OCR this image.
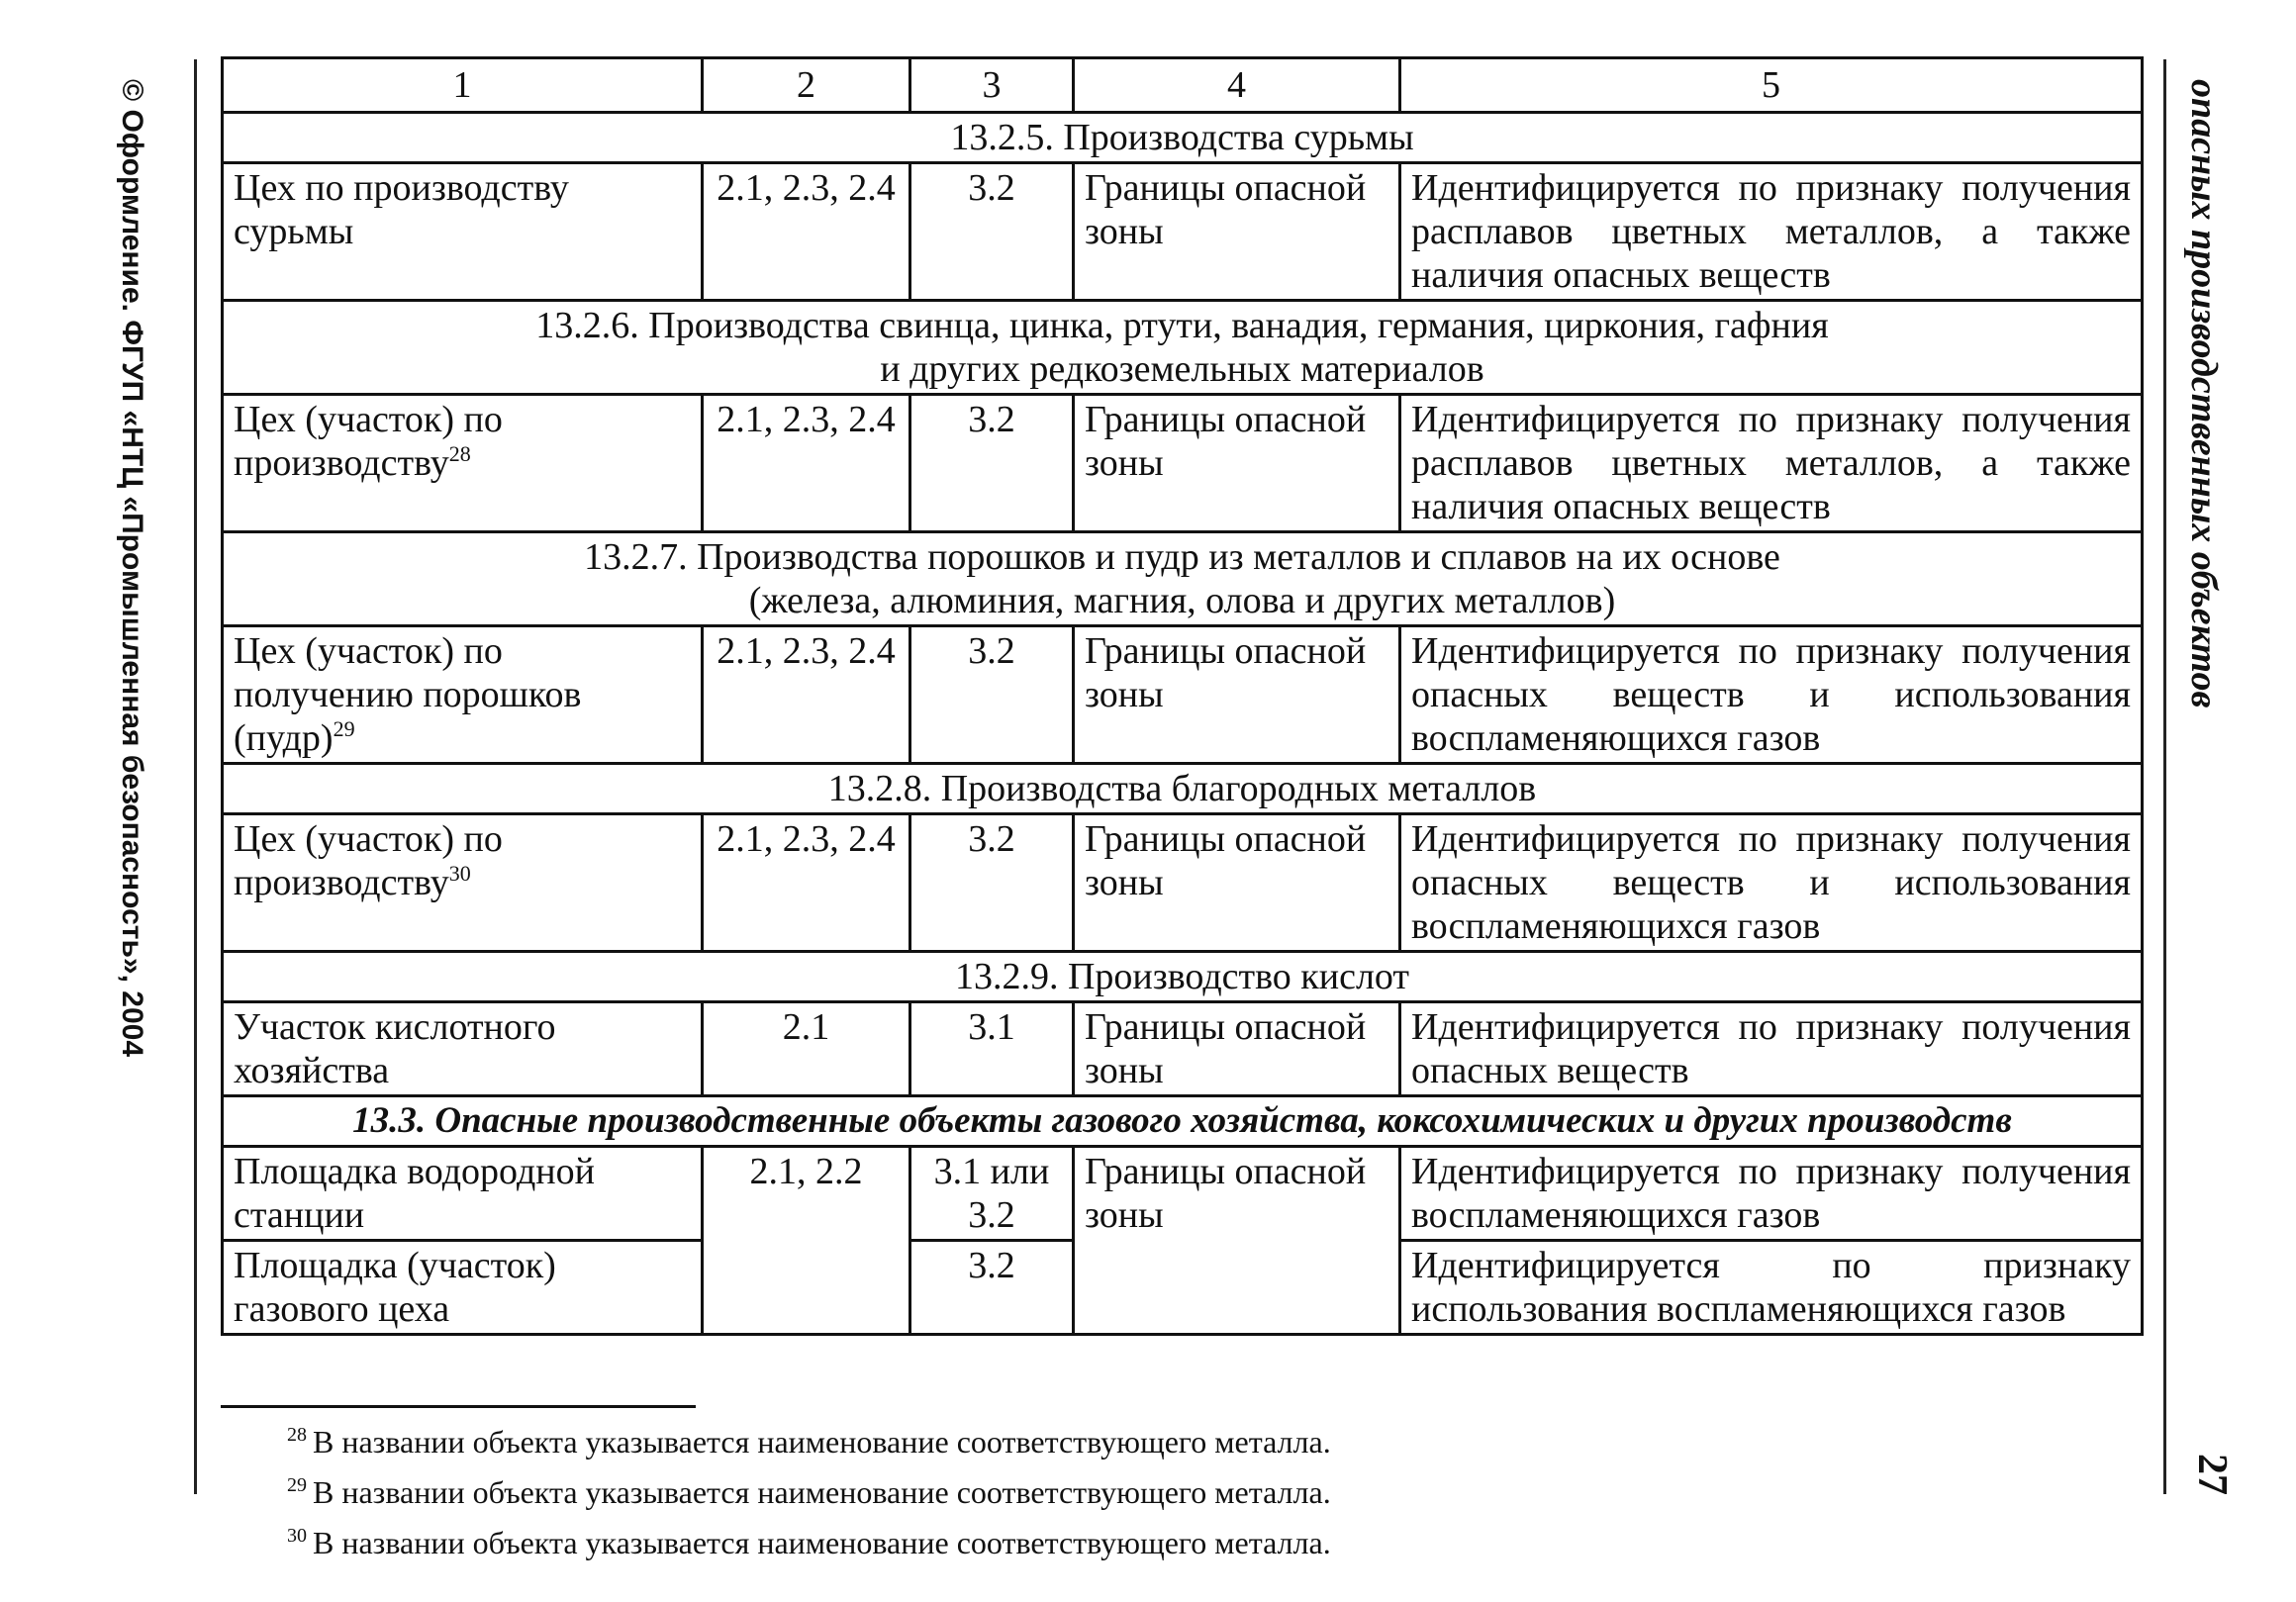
© Оформление. ФГУП «НТЦ «Промышленная безопасность», 2004	опасных производственных объектов
27
1	2	3	4	5
13.2.5. Производства сурьмы				
Цех по производству сурьмы	2.1, 2.3, 2.4	3.2	Границы опасной зоны	Идентифицируется по признаку получения расплавов цветных металлов, а также наличия опасных веществ

13.2.6. Производства свинца, цинка, ртути, ванадия, германия, циркония, гафния
и других редкоземельных материалов				

Цех (участок) по производству$^{28}$	2.1, 2.3, 2.4	3.2	Границы опасной зоны	Идентифицируется по признаку получения расплавов цветных металлов, а также наличия опасных веществ

13.2.7. Производства порошков и пудр из металлов и сплавов на их основе
(железа, алюминия, магния, олова и других металлов)				

Цех (участок) по получению порошков (пудр)$^{29}$	2.1, 2.3, 2.4	3.2	Границы опасной зоны	Идентифицируется по признаку получения опасных веществ и использования воспламеняющихся газов
13.2.8. Производства благородных металлов				
Цех (участок) по производству$^{30}$	2.1, 2.3, 2.4	3.2	Границы опасной зоны	Идентифицируется по признаку получения опасных веществ и использования воспламеняющихся газов
13.2.9. Производство кислот				
Участок кислотного хозяйства	2.1	3.1	Границы опасной зоны	Идентифицируется по признаку получения опасных веществ
13.3. Опасные производственные объекты газового хозяйства, коксохимических и других производств				
Площадка водородной станции	2.1, 2.2	3.1 или 3.2	Границы опасной зоны	Идентифицируется по признаку получения воспламеняющихся газов
Площадка (участок) газового цеха		3.2		Идентифицируется по признаку использования воспламеняющихся газов
$^{28}$ В названии объекта указывается наименование соответствующего металла.
$^{29}$ В названии объекта указывается наименование соответствующего металла.
$^{30}$ В названии объекта указывается наименование соответствующего металла.
